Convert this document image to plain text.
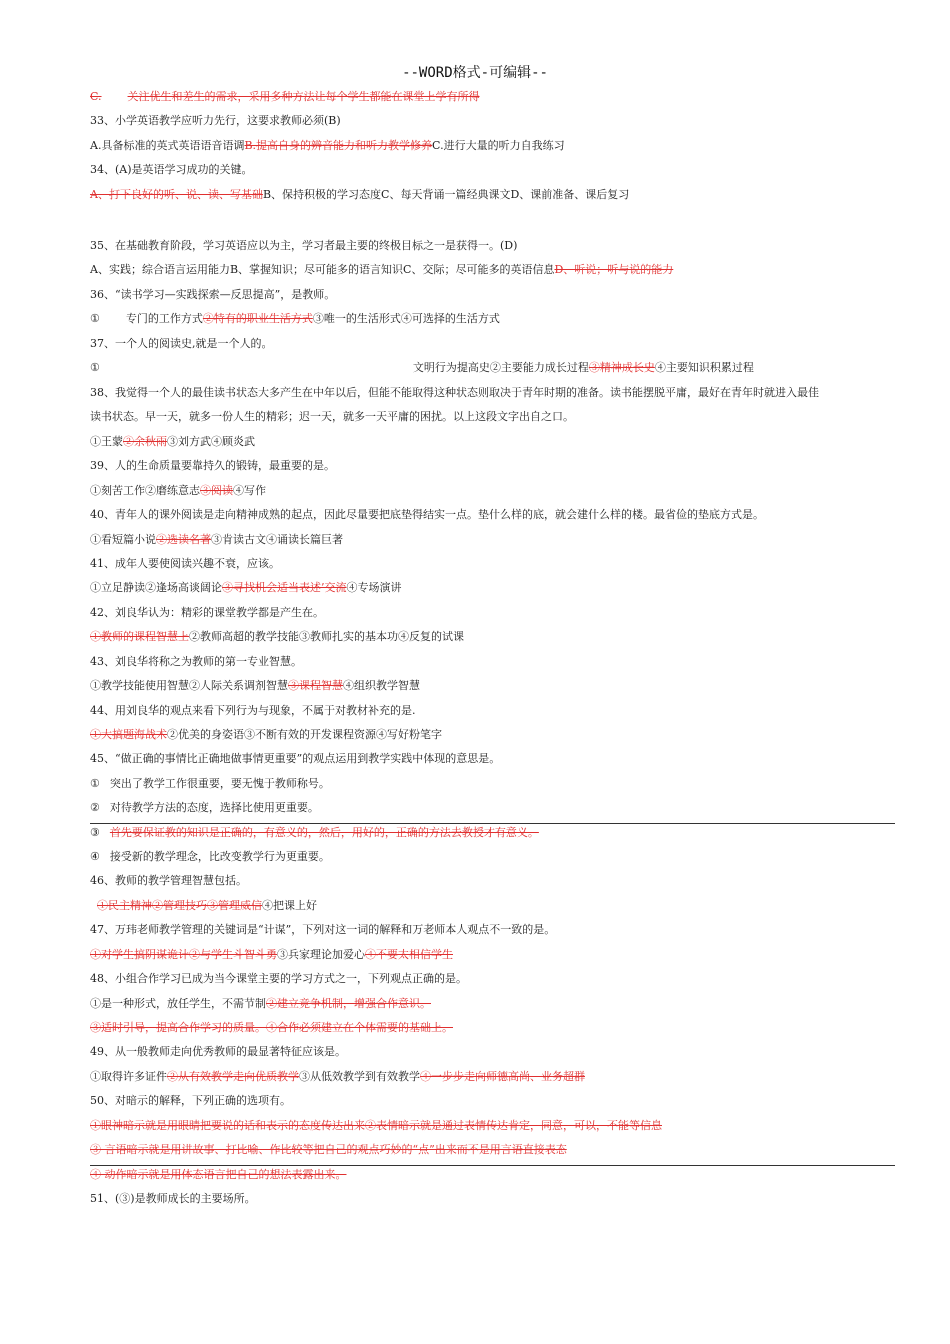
--WORD格式-可编辑--
C. 关注优生和差生的需求，采用多种方法让每个学生都能在课堂上学有所得
33、小学英语教学应听力先行，这要求教师必须(B)
A.具备标准的英式英语语音语调B.提高自身的辨音能力和听力教学修养C.进行大量的听力自我练习
34、(A)是英语学习成功的关键。
A、打下良好的听、说、读、写基础B、保持积极的学习态度C、每天背诵一篇经典课文D、课前准备、课后复习
35、在基础教育阶段，学习英语应以为主，学习者最主要的终极目标之一是获得一。(D)
A、实践；综合语言运用能力B、掌握知识；尽可能多的语言知识C、交际；尽可能多的英语信息D、听说；听与说的能力
36、“读书学习—实践探索—反思提高”，是教师。
① 专门的工作方式②特有的职业生活方式③唯一的生活形式④可选择的生活方式
37、一个人的阅读史,就是一个人的。
①	文明行为提高史②主要能力成长过程③精神成长史④主要知识积累过程
38、我觉得一个人的最佳读书状态大多产生在中年以后，但能不能取得这种状态则取决于青年时期的准备。读书能摆脱平庸，最好在青年时就进入最佳
读书状态。早一天，就多一份人生的精彩；迟一天，就多一天平庸的困扰。以上这段文字出自之口。
①王蒙②余秋雨③刘方武④顾炎武
39、人的生命质量要靠持久的锻铸，最重要的是。
①刻苦工作②磨练意志③阅读④写作
40、青年人的课外阅读是走向精神成熟的起点，因此尽量要把底垫得结实一点。垫什么样的底，就会建什么样的楼。最省俭的垫底方式是。
①看短篇小说②选读名著③肯读古文④诵读长篇巨著
41、成年人要使阅读兴趣不衰，应该。
①立足静读②逢场高谈阔论③寻找机会适当表述’交流④专场演讲
42、刘良华认为：精彩的课堂教学都是产生在。
①教师的课程智慧上②教师高超的教学技能③教师扎实的基本功④反复的试课
43、刘良华将称之为教师的第一专业智慧。
①教学技能使用智慧②人际关系调剂智慧③课程智慧④组织教学智慧
44、用刘良华的观点来看下列行为与现象，不属于对教材补充的是.
①大搞题海战术②优美的身姿语③不断有效的开发课程资源④写好粉笔字
45、“做正确的事情比正确地做事情更重要”的观点运用到教学实践中体现的意思是。
① 突出了教学工作很重要，要无愧于教师称号。
② 对待教学方法的态度，选择比使用更重要。
③ 首先要保证教的知识是正确的，有意义的，然后，用好的，正确的方法去教授才有意义。
④ 接受新的教学理念，比改变教学行为更重要。
46、教师的教学管理智慧包括。
①民主精神②管理技巧③管理威信④把课上好
47、万玮老师教学管理的关键词是“计谋”，下列对这一词的解释和万老师本人观点不一致的是。
①对学生搞阴谋诡计②与学生斗智斗勇③兵家理论加爱心④不要太相信学生
48、小组合作学习已成为当今课堂主要的学习方式之一，下列观点正确的是。
①是一种形式，放任学生，不需节制②建立竞争机制，增强合作意识。
③适时引导，提高合作学习的质量。④合作必须建立在个体需要的基础上。
49、从一般教师走向优秀教师的最显著特征应该是。
①取得许多证件②从有效教学走向优质教学③从低效教学到有效教学④一步步走向师德高尚、业务超群
50、对暗示的解释，下列正确的选项有。
①眼神暗示就是用眼睛把要说的话和表示的态度传达出来②表情暗示就是通过表情传达肯定，同意，可以，不能等信息
③ 言语暗示就是用讲故事、打比喻、作比较等把自己的观点巧妙的“点”出来而不是用言语直接表态
④ 动作暗示就是用体态语言把自己的想法表露出来。
51、(③)是教师成长的主要场所。
